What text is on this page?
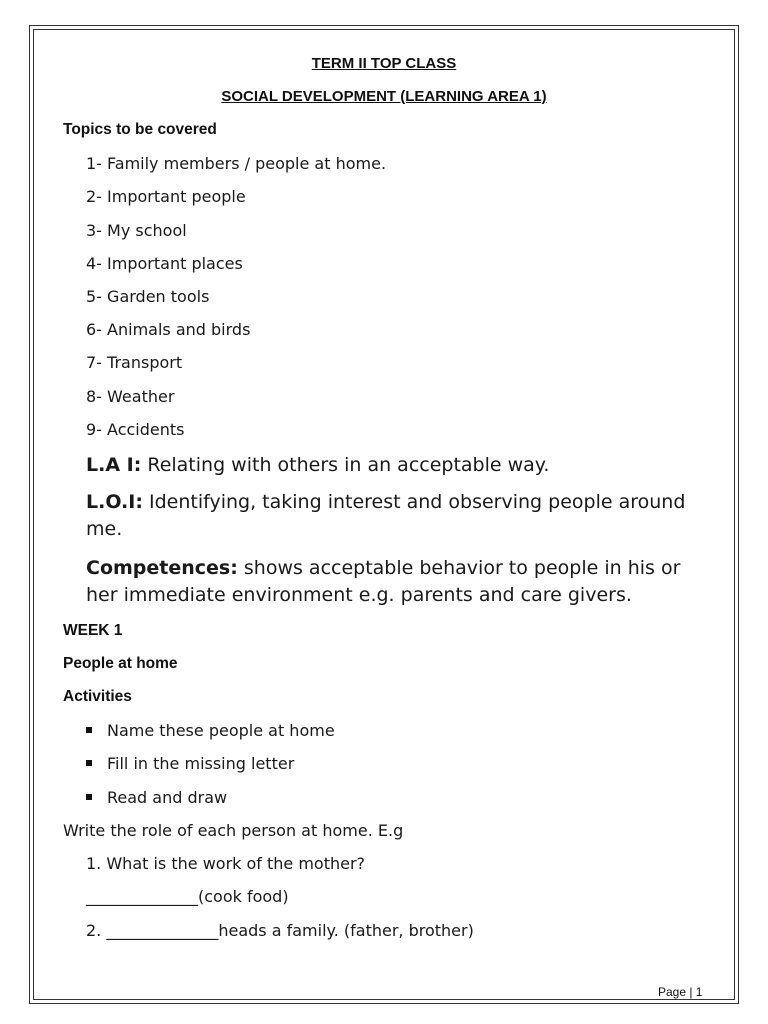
TERM II TOP CLASS
SOCIAL DEVELOPMENT (LEARNING AREA 1)
Topics to be covered
1- Family members / people at home.
2- Important people
3- My school
4- Important places
5- Garden tools
6- Animals and birds
7- Transport
8- Weather
9- Accidents
L.A I: Relating with others in an acceptable way.
L.O.I: Identifying, taking interest and observing people around me.
Competences: shows acceptable behavior to people in his or her immediate environment e.g. parents and care givers.
WEEK 1
People at home
Activities
Name these people at home
Fill in the missing letter
Read and draw
Write the role of each person at home. E.g
1. What is the work of the mother?
______________(cook food)
2. ______________heads a family. (father, brother)
Page | 1
